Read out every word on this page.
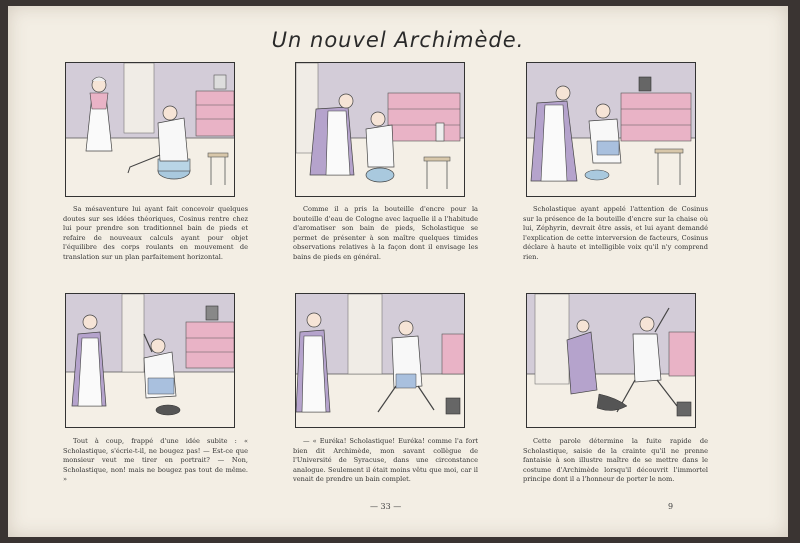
Un nouvel Archimède.
Sa mésaventure lui ayant fait concevoir quelques doutes sur ses idées théoriques, Cosinus rentre chez lui pour prendre son traditionnel bain de pieds et refaire de nouveaux calculs ayant pour objet l'équilibre des corps roulants en mouvement de translation sur un plan parfaitement horizontal.
Comme il a pris la bouteille d'encre pour la bouteille d'eau de Cologne avec laquelle il a l'habitude d'aromatiser son bain de pieds, Scholastique se permet de présenter à son maître quelques timides observations relatives à la façon dont il envisage les bains de pieds en général.
Scholastique ayant appelé l'attention de Cosinus sur la présence de la bouteille d'encre sur la chaise où lui, Zéphyrin, devrait être assis, et lui ayant demandé l'explication de cette interversion de facteurs, Cosinus déclare à haute et intelligible voix qu'il n'y comprend rien.
Tout à coup, frappé d'une idée subite : « Scholastique, s'écrie-t-il, ne bougez pas! — Est-ce que monsieur veut me tirer en portrait? — Non, Scholastique, non! mais ne bougez pas tout de même. »
— « Euréka! Scholastique! Euréka! comme l'a fort bien dit Archimède, mon savant collègue de l'Université de Syracuse, dans une circonstance analogue. Seulement il était moins vêtu que moi, car il venait de prendre un bain complet.
Cette parole détermine la fuite rapide de Scholastique, saisie de la crainte qu'il ne prenne fantaisie à son illustre maître de se mettre dans le costume d'Archimède lorsqu'il découvrit l'immortel principe dont il a l'honneur de porter le nom.
— 33 —	9
